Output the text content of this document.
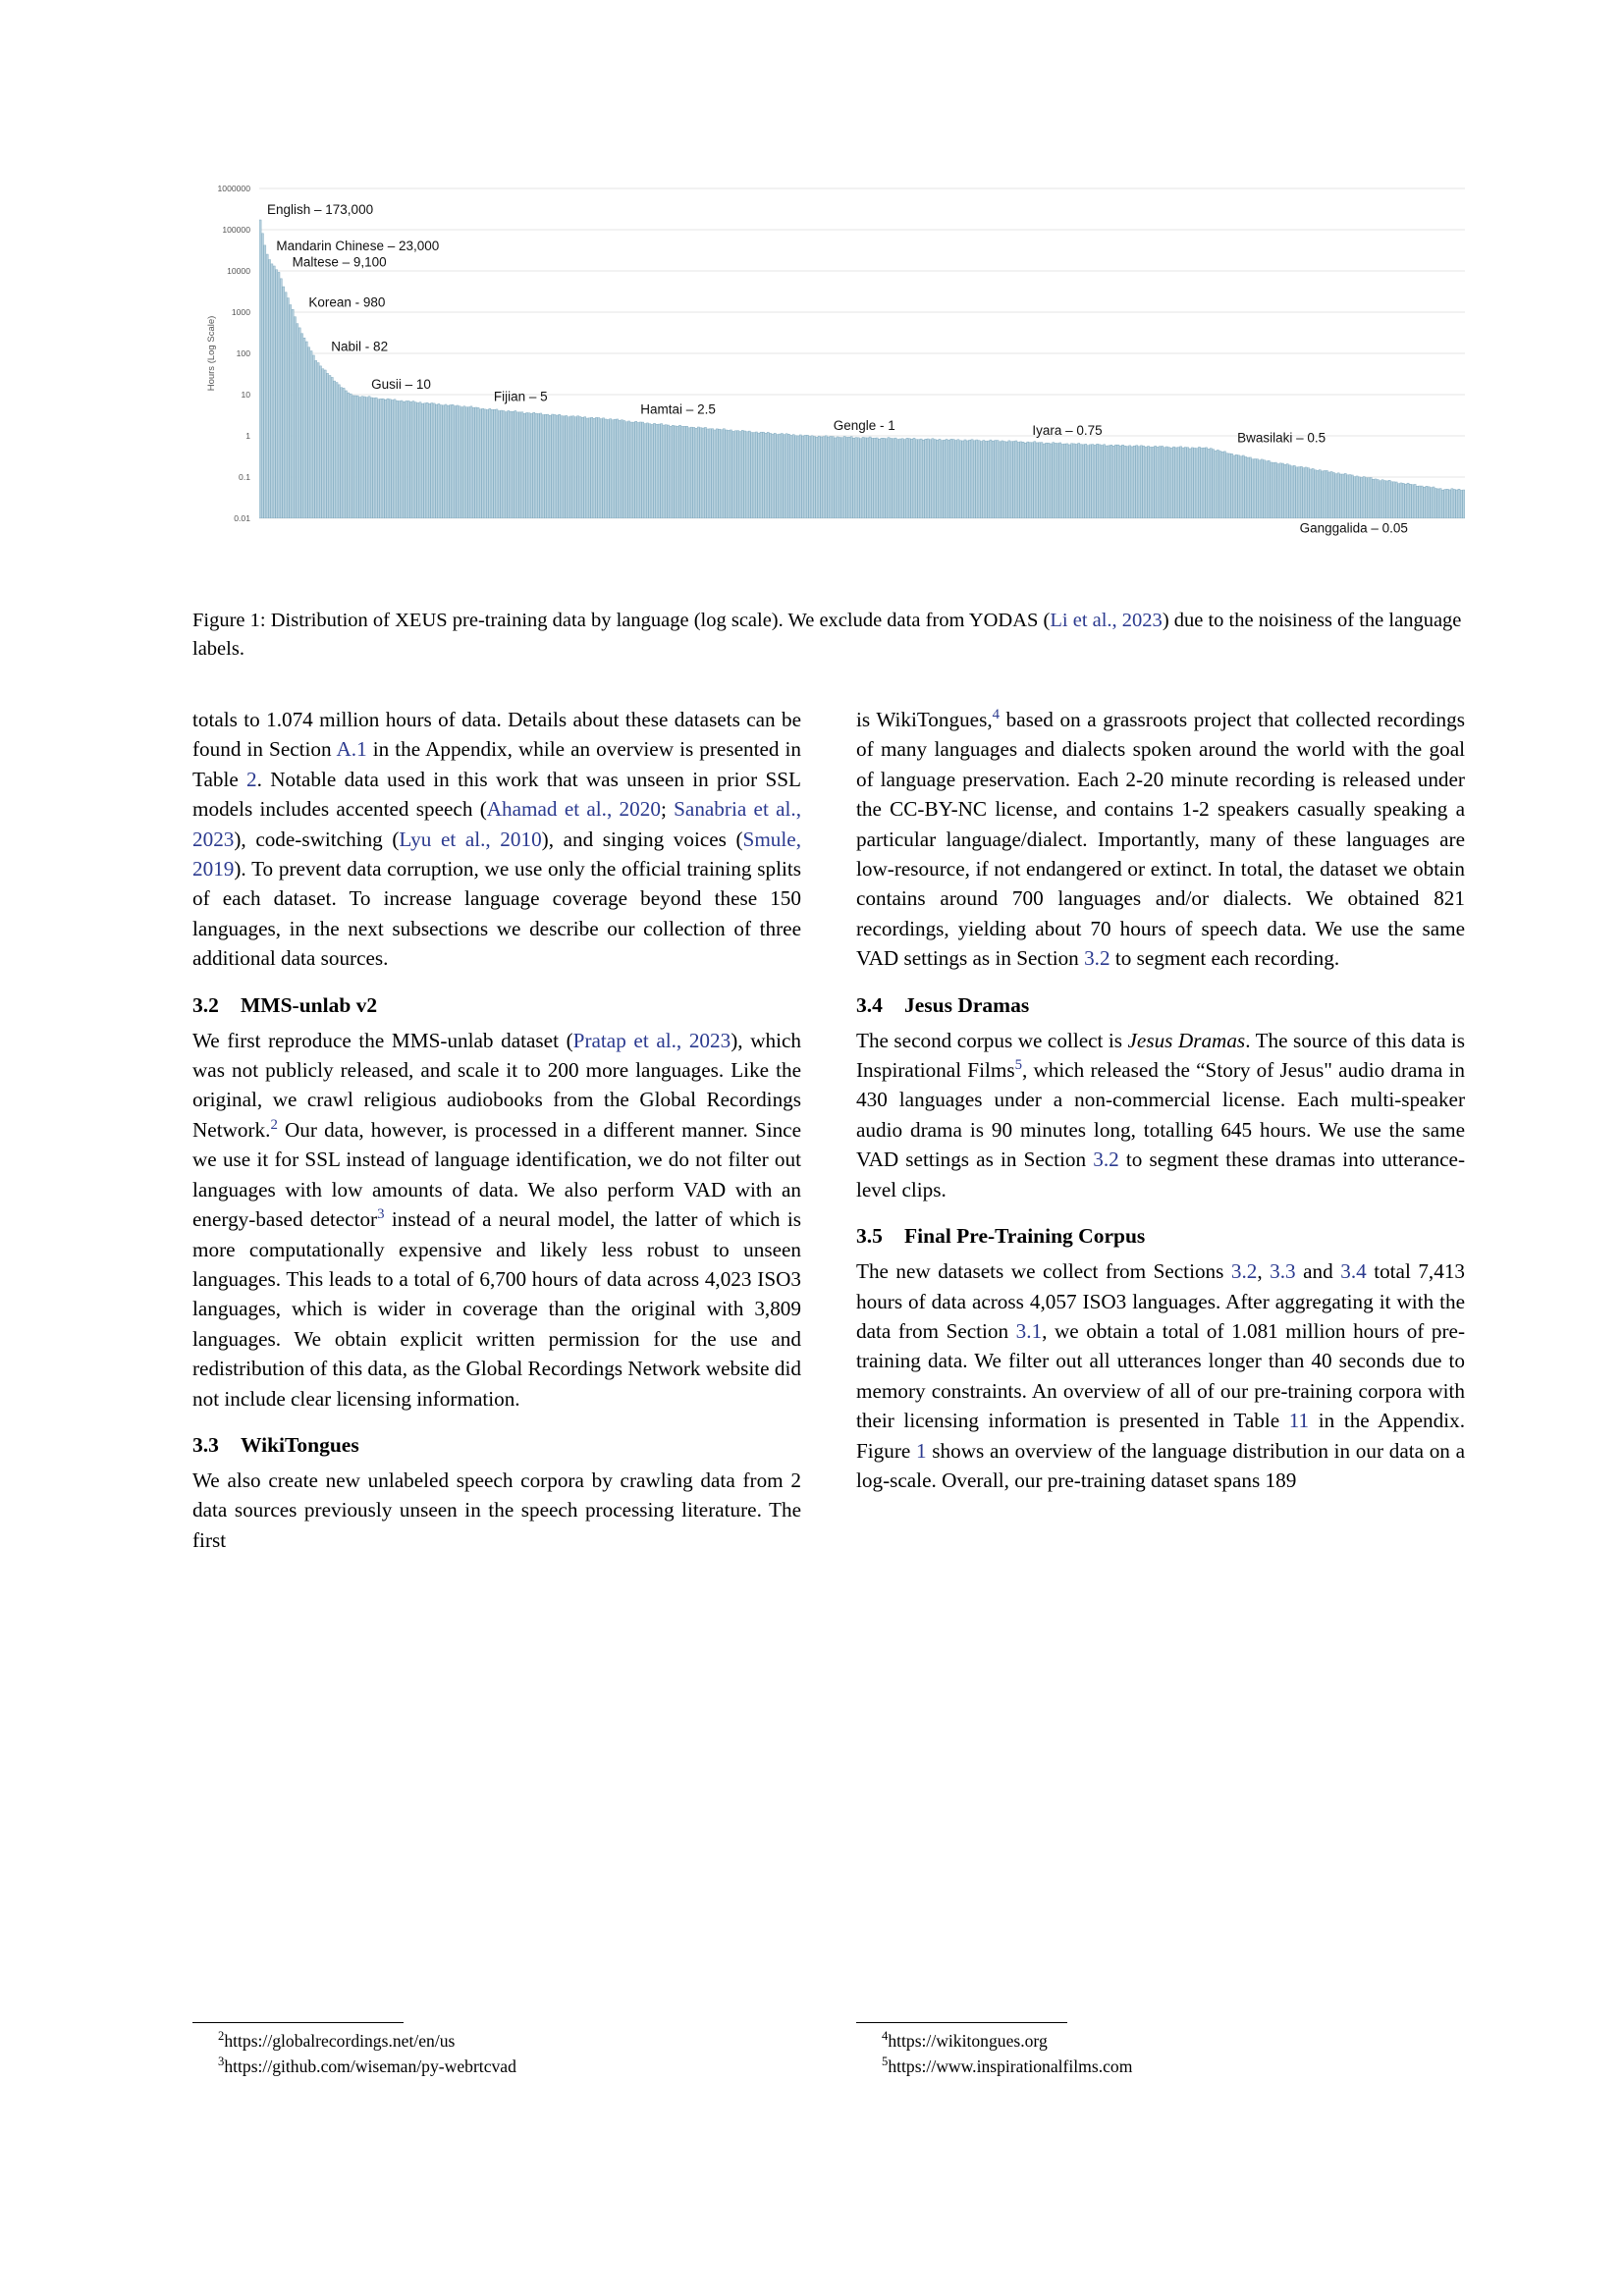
1000000
100000
10000
1000
100
10
1
0.1
0.01
Hours (Log Scale)
English – 173,000
Mandarin Chinese – 23,000
Maltese – 9,100
Korean - 980
Nabil - 82
Gusii – 10
Fijian – 5
Hamtai – 2.5
Gengle - 1	Iyara – 0.75	Bwasilaki – 0.5
Ganggalida – 0.05
Figure 1: Distribution of XEUS pre-training data by language (log scale). We exclude data from YODAS (Li et al., 2023) due to the noisiness of the language labels.

totals to 1.074 million hours of data. Details about these datasets can be found in Section A.1 in the Appendix, while an overview is presented in Table 2. Notable data used in this work that was unseen in prior SSL models includes accented speech (Ahamad et al., 2020; Sanabria et al., 2023), code-switching (Lyu et al., 2010), and singing voices (Smule, 2019). To prevent data corruption, we use only the official training splits of each dataset. To increase language coverage beyond these 150 languages, in the next subsections we describe our collection of three additional data sources.

3.2 MMS-unlab v2

We first reproduce the MMS-unlab dataset (Pratap et al., 2023), which was not publicly released, and scale it to 200 more languages. Like the original, we crawl religious audiobooks from the Global Recordings Network.$^2$ Our data, however, is processed in a different manner. Since we use it for SSL instead of language identification, we do not filter out languages with low amounts of data. We also perform VAD with an energy-based detector$^3$ instead of a neural model, the latter of which is more computationally expensive and likely less robust to unseen languages. This leads to a total of 6,700 hours of data across 4,023 ISO3 languages, which is wider in coverage than the original with 3,809 languages. We obtain explicit written permission for the use and redistribution of this data, as the Global Recordings Network website did not include clear licensing information.

3.3 WikiTongues

We also create new unlabeled speech corpora by crawling data from 2 data sources previously unseen in the speech processing literature. The first

$^2$https://globalrecordings.net/en/us
$^3$https://github.com/wiseman/py-webrtcvad

is WikiTongues,$^4$ based on a grassroots project that collected recordings of many languages and dialects spoken around the world with the goal of language preservation. Each 2-20 minute recording is released under the CC-BY-NC license, and contains 1-2 speakers casually speaking a particular language/dialect. Importantly, many of these languages are low-resource, if not endangered or extinct. In total, the dataset we obtain contains around 700 languages and/or dialects. We obtained 821 recordings, yielding about 70 hours of speech data. We use the same VAD settings as in Section 3.2 to segment each recording.

3.4 Jesus Dramas

The second corpus we collect is Jesus Dramas. The source of this data is Inspirational Films$^5$, which released the “Story of Jesus" audio drama in 430 languages under a non-commercial license. Each multi-speaker audio drama is 90 minutes long, totalling 645 hours. We use the same VAD settings as in Section 3.2 to segment these dramas into utterance-level clips.

3.5 Final Pre-Training Corpus

The new datasets we collect from Sections 3.2, 3.3 and 3.4 total 7,413 hours of data across 4,057 ISO3 languages. After aggregating it with the data from Section 3.1, we obtain a total of 1.081 million hours of pre-training data. We filter out all utterances longer than 40 seconds due to memory constraints. An overview of all of our pre-training corpora with their licensing information is presented in Table 11 in the Appendix. Figure 1 shows an overview of the language distribution in our data on a log-scale. Overall, our pre-training dataset spans 189

$^4$https://wikitongues.org
$^5$https://www.inspirationalfilms.com
